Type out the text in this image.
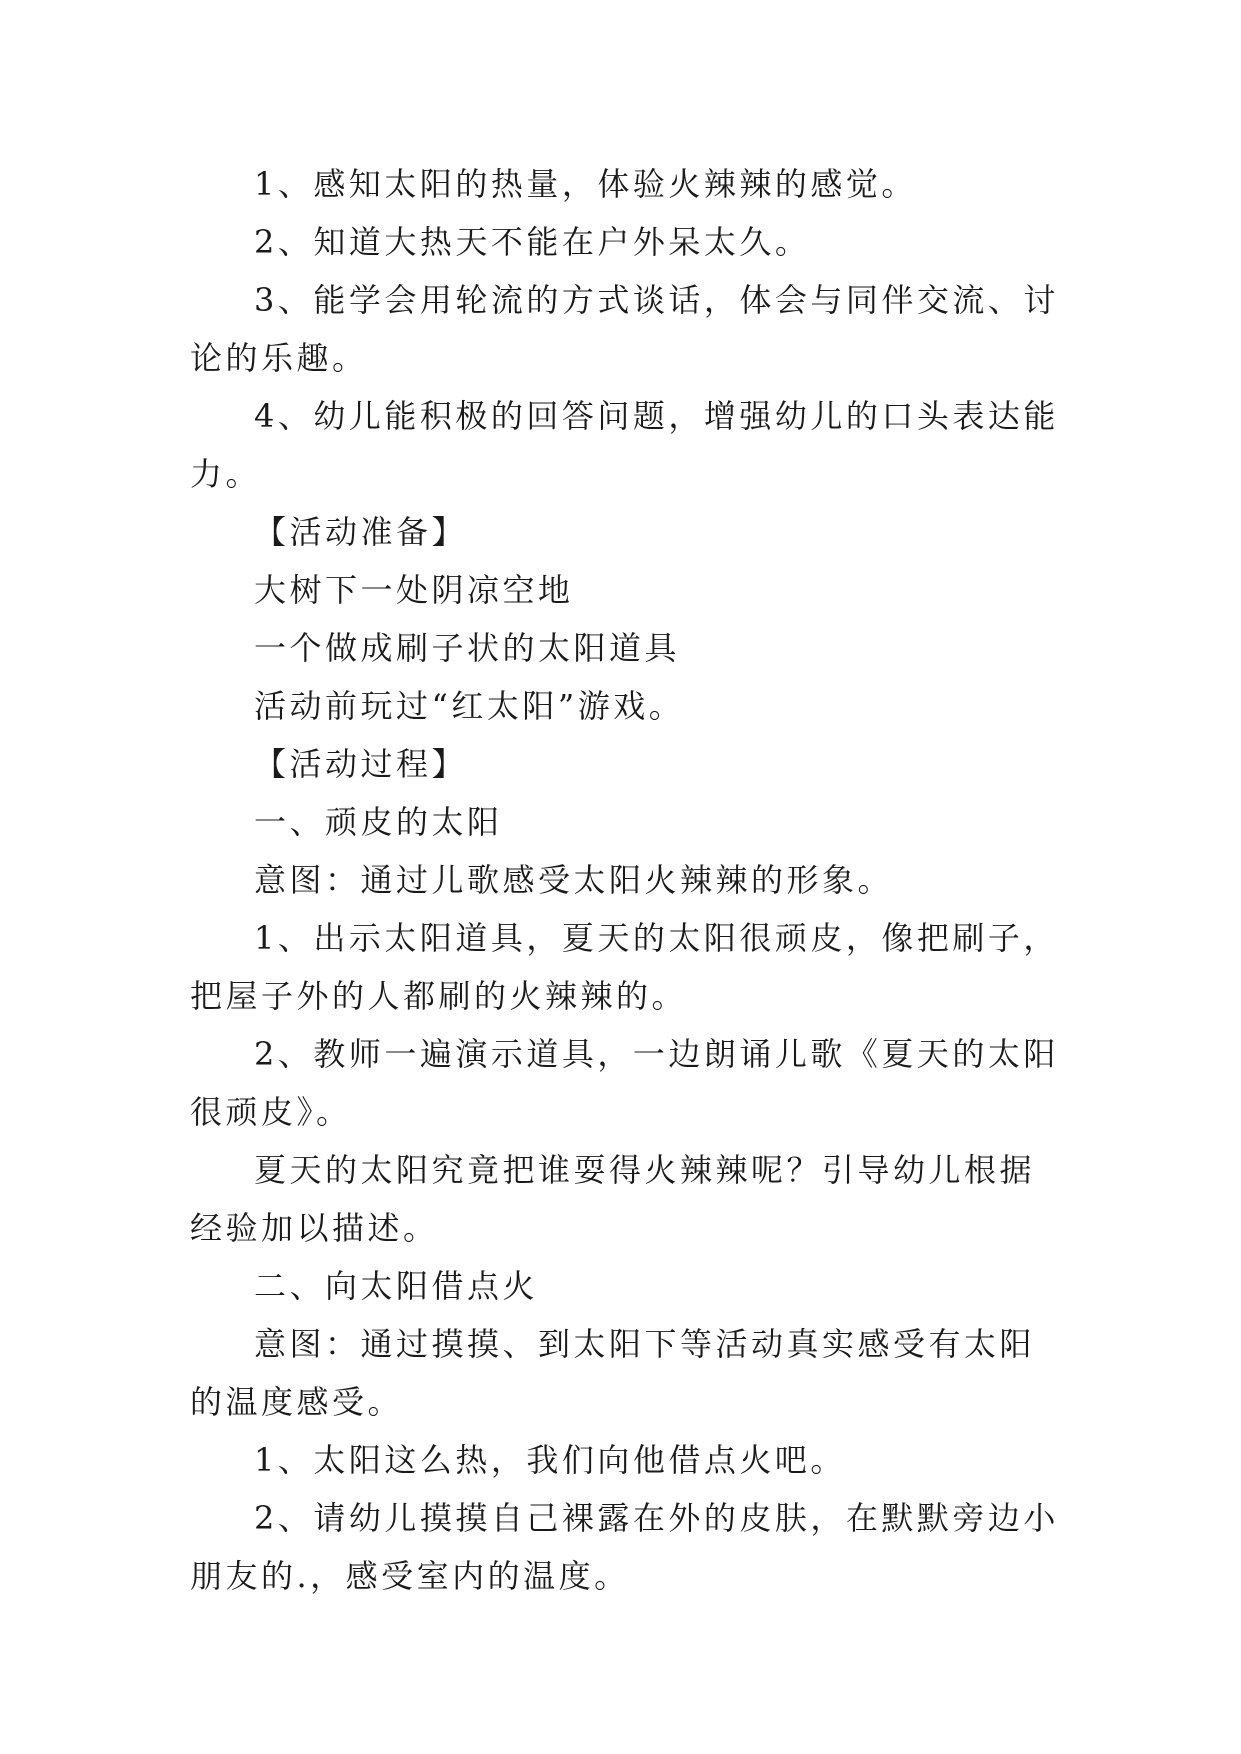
1、感知太阳的热量，体验火辣辣的感觉。

2、知道大热天不能在户外呆太久。

3、能学会用轮流的方式谈话，体会与同伴交流、讨论的乐趣。

4、幼儿能积极的回答问题，增强幼儿的口头表达能力。

【活动准备】

大树下一处阴凉空地

一个做成刷子状的太阳道具

活动前玩过“红太阳”游戏。

【活动过程】

一、顽皮的太阳

意图：通过儿歌感受太阳火辣辣的形象。

1、出示太阳道具，夏天的太阳很顽皮，像把刷子，把屋子外的人都刷的火辣辣的。

2、教师一遍演示道具，一边朗诵儿歌《夏天的太阳很顽皮》。

夏天的太阳究竟把谁耍得火辣辣呢？引导幼儿根据经验加以描述。

二、向太阳借点火

意图：通过摸摸、到太阳下等活动真实感受有太阳的温度感受。

1、太阳这么热，我们向他借点火吧。

2、请幼儿摸摸自己裸露在外的皮肤，在默默旁边小朋友的.，感受室内的温度。
